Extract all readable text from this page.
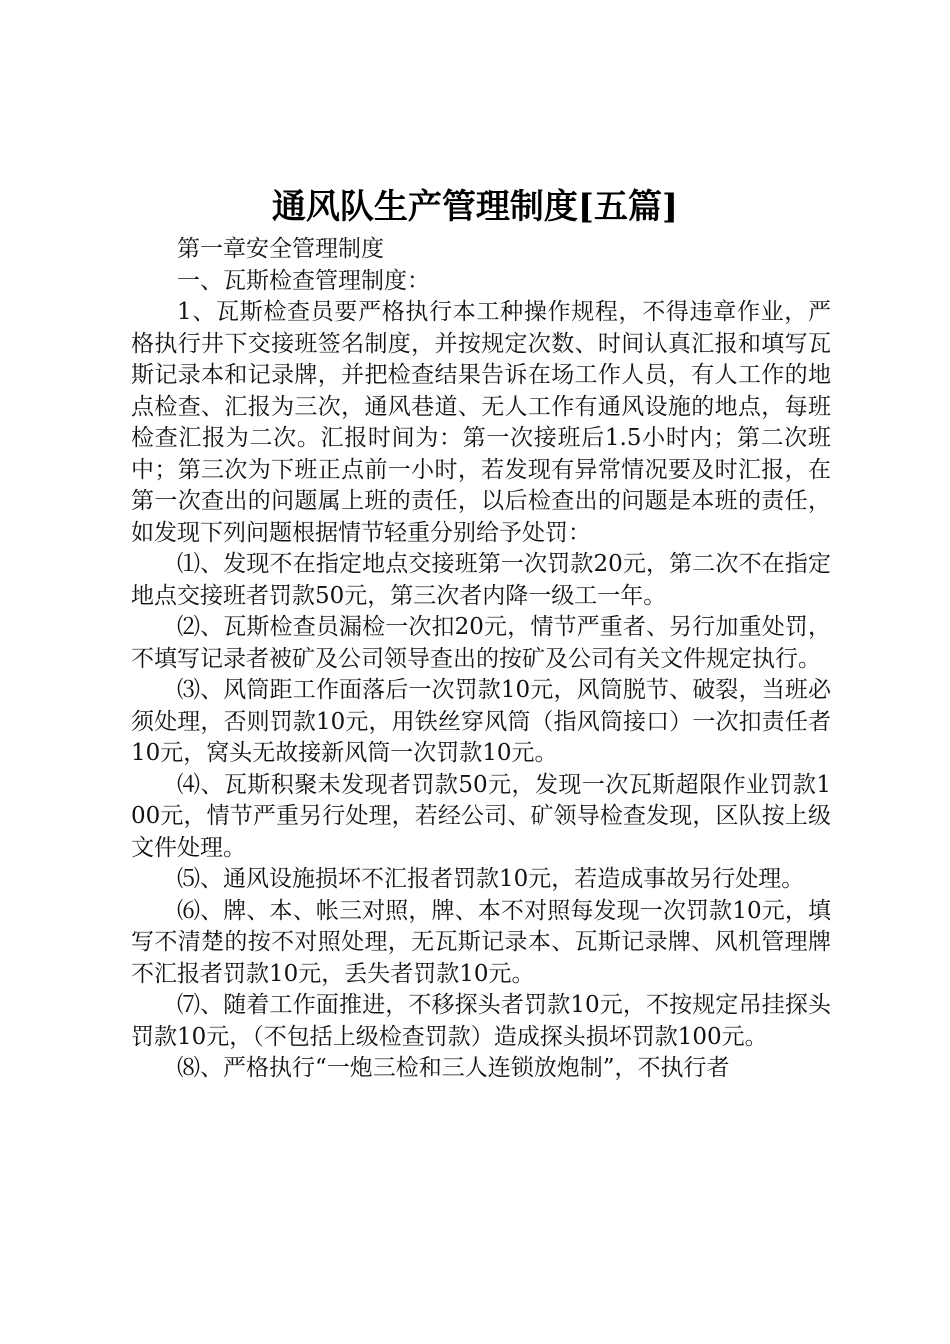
通风队生产管理制度[五篇]

第一章安全管理制度

一、瓦斯检查管理制度：

1、瓦斯检查员要严格执行本工种操作规程，不得违章作业，严格执行井下交接班签名制度，并按规定次数、时间认真汇报和填写瓦斯记录本和记录牌，并把检查结果告诉在场工作人员，有人工作的地点检查、汇报为三次，通风巷道、无人工作有通风设施的地点，每班检查汇报为二次。汇报时间为：第一次接班后1.5小时内；第二次班中；第三次为下班正点前一小时，若发现有异常情况要及时汇报，在第一次查出的问题属上班的责任，以后检查出的问题是本班的责任，如发现下列问题根据情节轻重分别给予处罚：

⑴、发现不在指定地点交接班第一次罚款20元，第二次不在指定地点交接班者罚款50元，第三次者内降一级工一年。

⑵、瓦斯检查员漏检一次扣20元，情节严重者、另行加重处罚，不填写记录者被矿及公司领导查出的按矿及公司有关文件规定执行。

⑶、风筒距工作面落后一次罚款10元，风筒脱节、破裂，当班必须处理，否则罚款10元，用铁丝穿风筒（指风筒接口）一次扣责任者10元，窝头无故接新风筒一次罚款10元。

⑷、瓦斯积聚未发现者罚款50元，发现一次瓦斯超限作业罚款100元，情节严重另行处理，若经公司、矿领导检查发现，区队按上级文件处理。

⑸、通风设施损坏不汇报者罚款10元，若造成事故另行处理。

⑹、牌、本、帐三对照，牌、本不对照每发现一次罚款10元，填写不清楚的按不对照处理，无瓦斯记录本、瓦斯记录牌、风机管理牌不汇报者罚款10元，丢失者罚款10元。

⑺、随着工作面推进，不移探头者罚款10元，不按规定吊挂探头罚款10元，（不包括上级检查罚款）造成探头损坏罚款100元。

⑻、严格执行“一炮三检和三人连锁放炮制”，不执行者
